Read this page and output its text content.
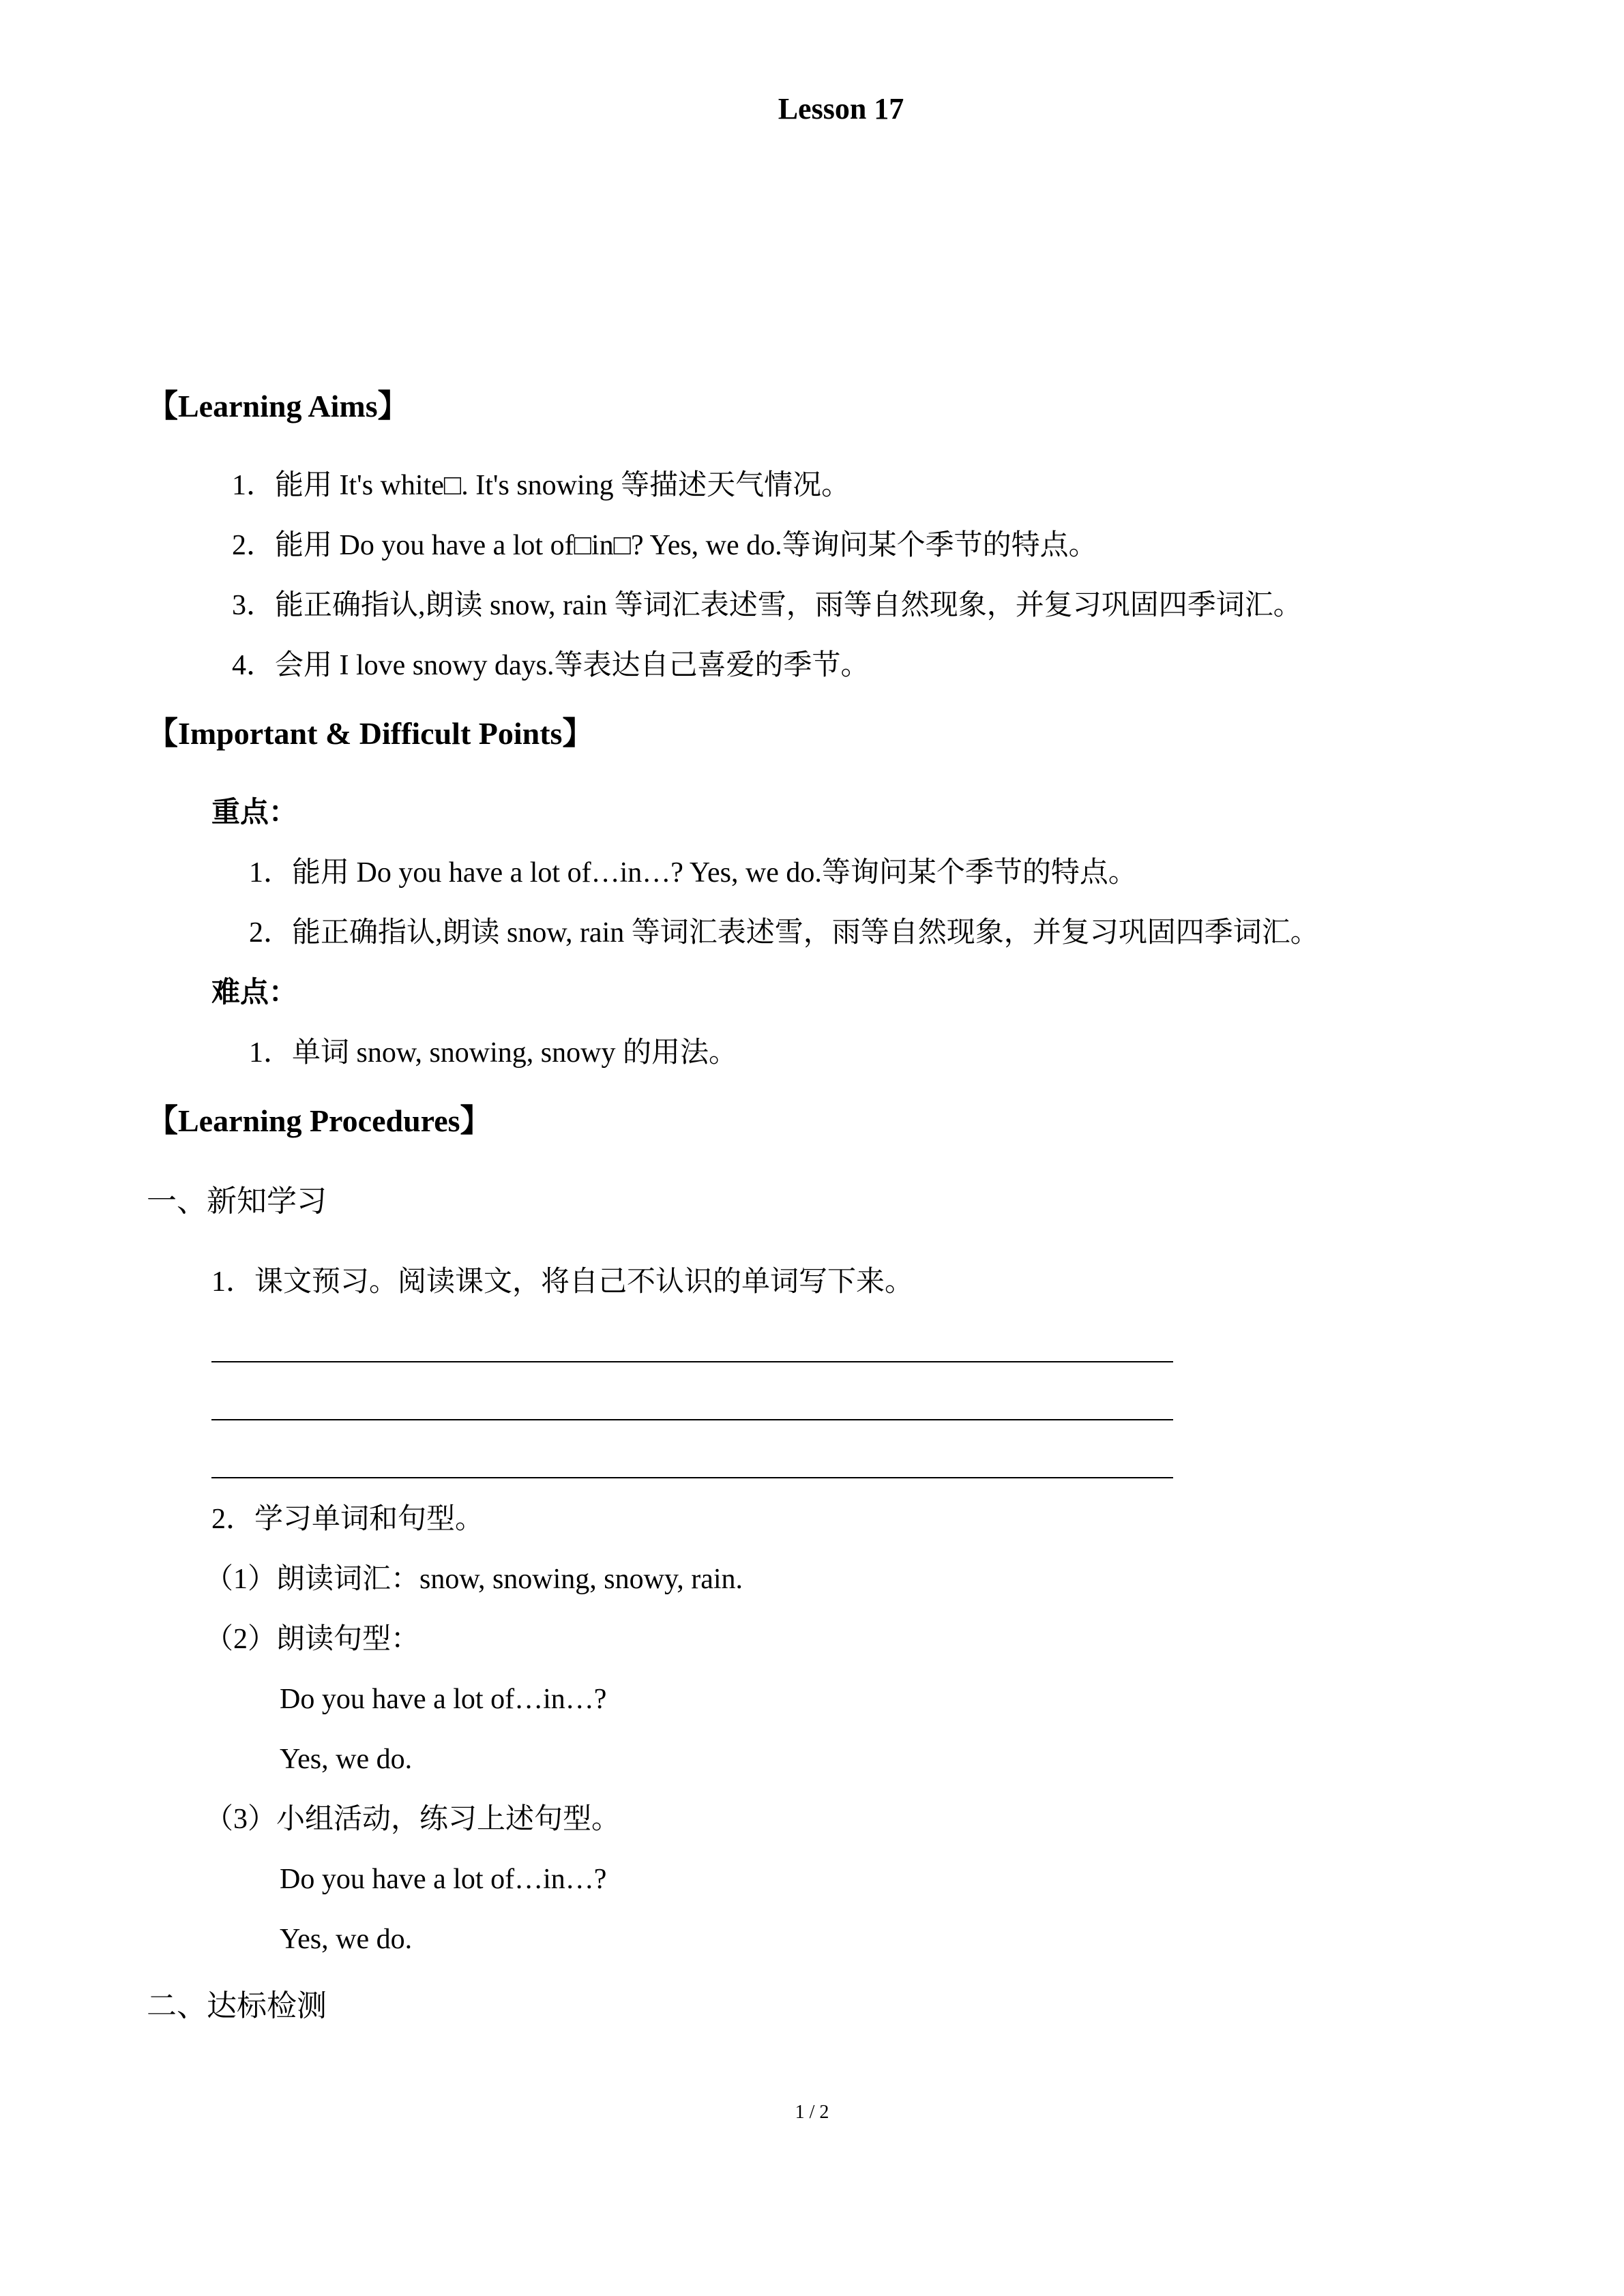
Lesson 17
【Learning Aims】

1．能用 It's white□. It's snowing 等描述天气情况。

2．能用 Do you have a lot of□in□? Yes, we do.等询问某个季节的特点。

3．能正确指认,朗读 snow, rain 等词汇表述雪，雨等自然现象，并复习巩固四季词汇。

4．会用 I love snowy days.等表达自己喜爱的季节。

【Important & Difficult Points】

重点：

1．能用 Do you have a lot of…in…? Yes, we do.等询问某个季节的特点。

2．能正确指认,朗读 snow, rain 等词汇表述雪，雨等自然现象，并复习巩固四季词汇。

难点：

1．单词 snow, snowing, snowy 的用法。

【Learning Procedures】

一、新知学习

1．课文预习。阅读课文，将自己不认识的单词写下来。

2．学习单词和句型。

（1）朗读词汇：snow, snowing, snowy, rain.

（2）朗读句型：

Do you have a lot of…in…?

Yes, we do.

（3）小组活动，练习上述句型。

Do you have a lot of…in…?

Yes, we do.

二、达标检测

1 / 2
